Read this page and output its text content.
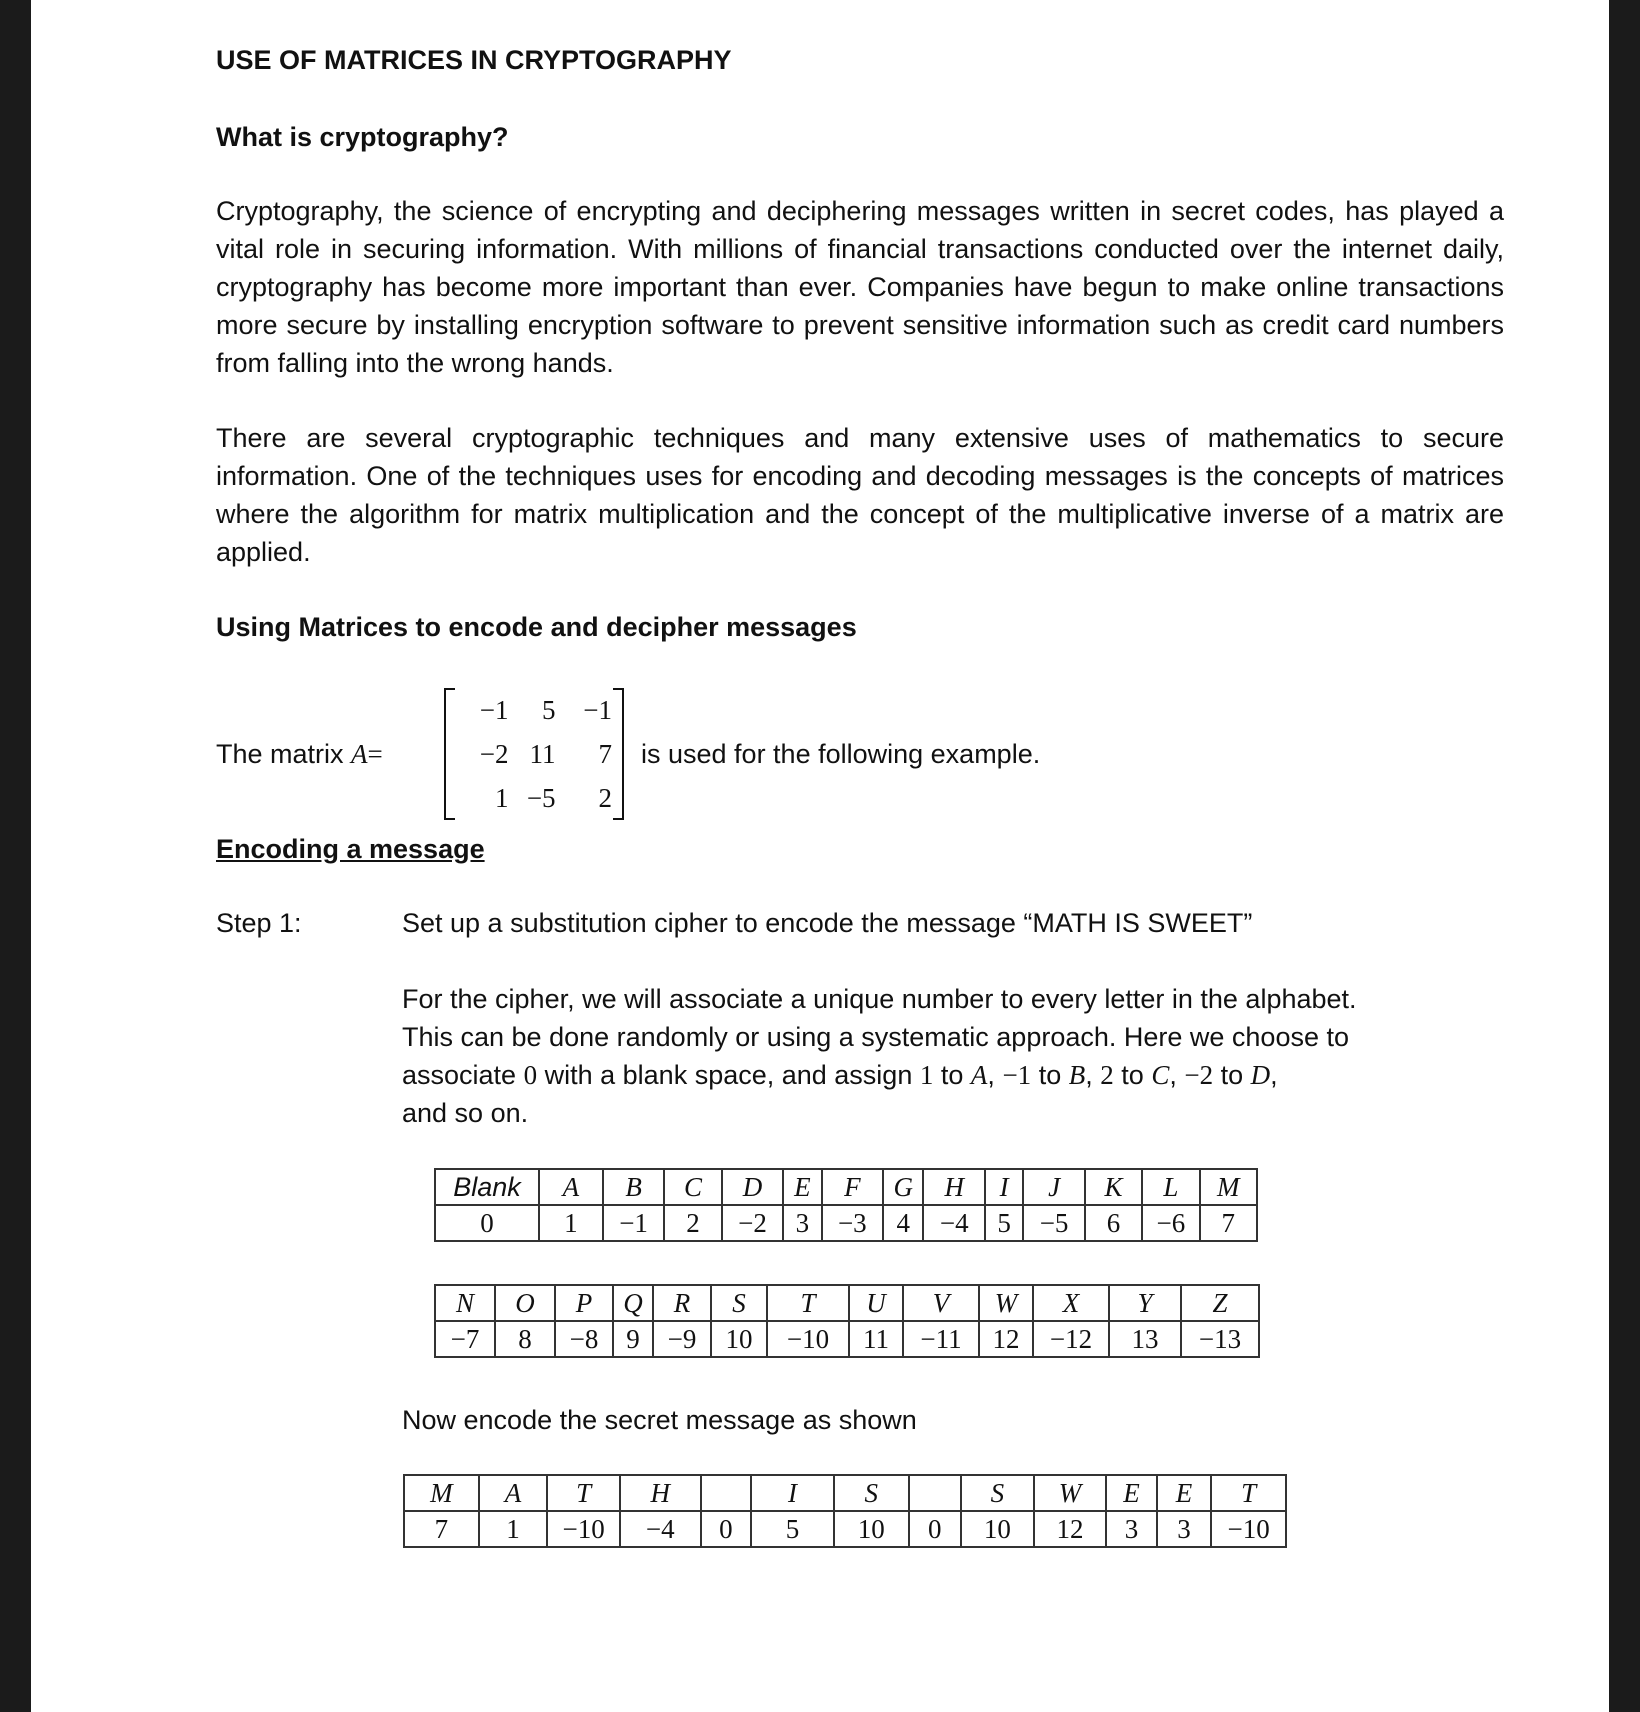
USE OF MATRICES IN CRYPTOGRAPHY
What is cryptography?
Cryptography, the science of encrypting and deciphering messages written in secret codes, has played a vital role in securing information. With millions of financial transactions conducted over the internet daily, cryptography has become more important than ever. Companies have begun to make online transactions more secure by installing encryption software to prevent sensitive information such as credit card numbers from falling into the wrong hands.
There are several cryptographic techniques and many extensive uses of mathematics to secure information. One of the techniques uses for encoding and decoding messages is the concepts of matrices where the algorithm for matrix multiplication and the concept of the multiplicative inverse of a matrix are applied.
Using Matrices to encode and decipher messages
The matrix A=
−1	5	−1
−2 11	7
1 −5	2
is used for the following example.
Encoding a message
Step 1:	Set up a substitution cipher to encode the message “MATH IS SWEET”
For the cipher, we will associate a unique number to every letter in the alphabet.
This can be done randomly or using a systematic approach. Here we choose to
associate 0 with a blank space, and assign 1 to A, −1 to B, 2 to C, −2 to D,
and so on.
Blank	A	B	C	D	E	F	G	H	I	J	K	L	M
0	1	−1	2	−2	3	−3	4	−4	5	−5	6	−6	7
N	O	P	Q	R	S	T	U	V	W	X	Y	Z
−7	8	−8	9	−9	10	−10	11	−11	12	−12	13	−13
Now encode the secret message as shown
M	A	T	H		I	S		S	W	E	E	T
7	1	−10	−4	0	5	10	0	10	12	3	3	−10
